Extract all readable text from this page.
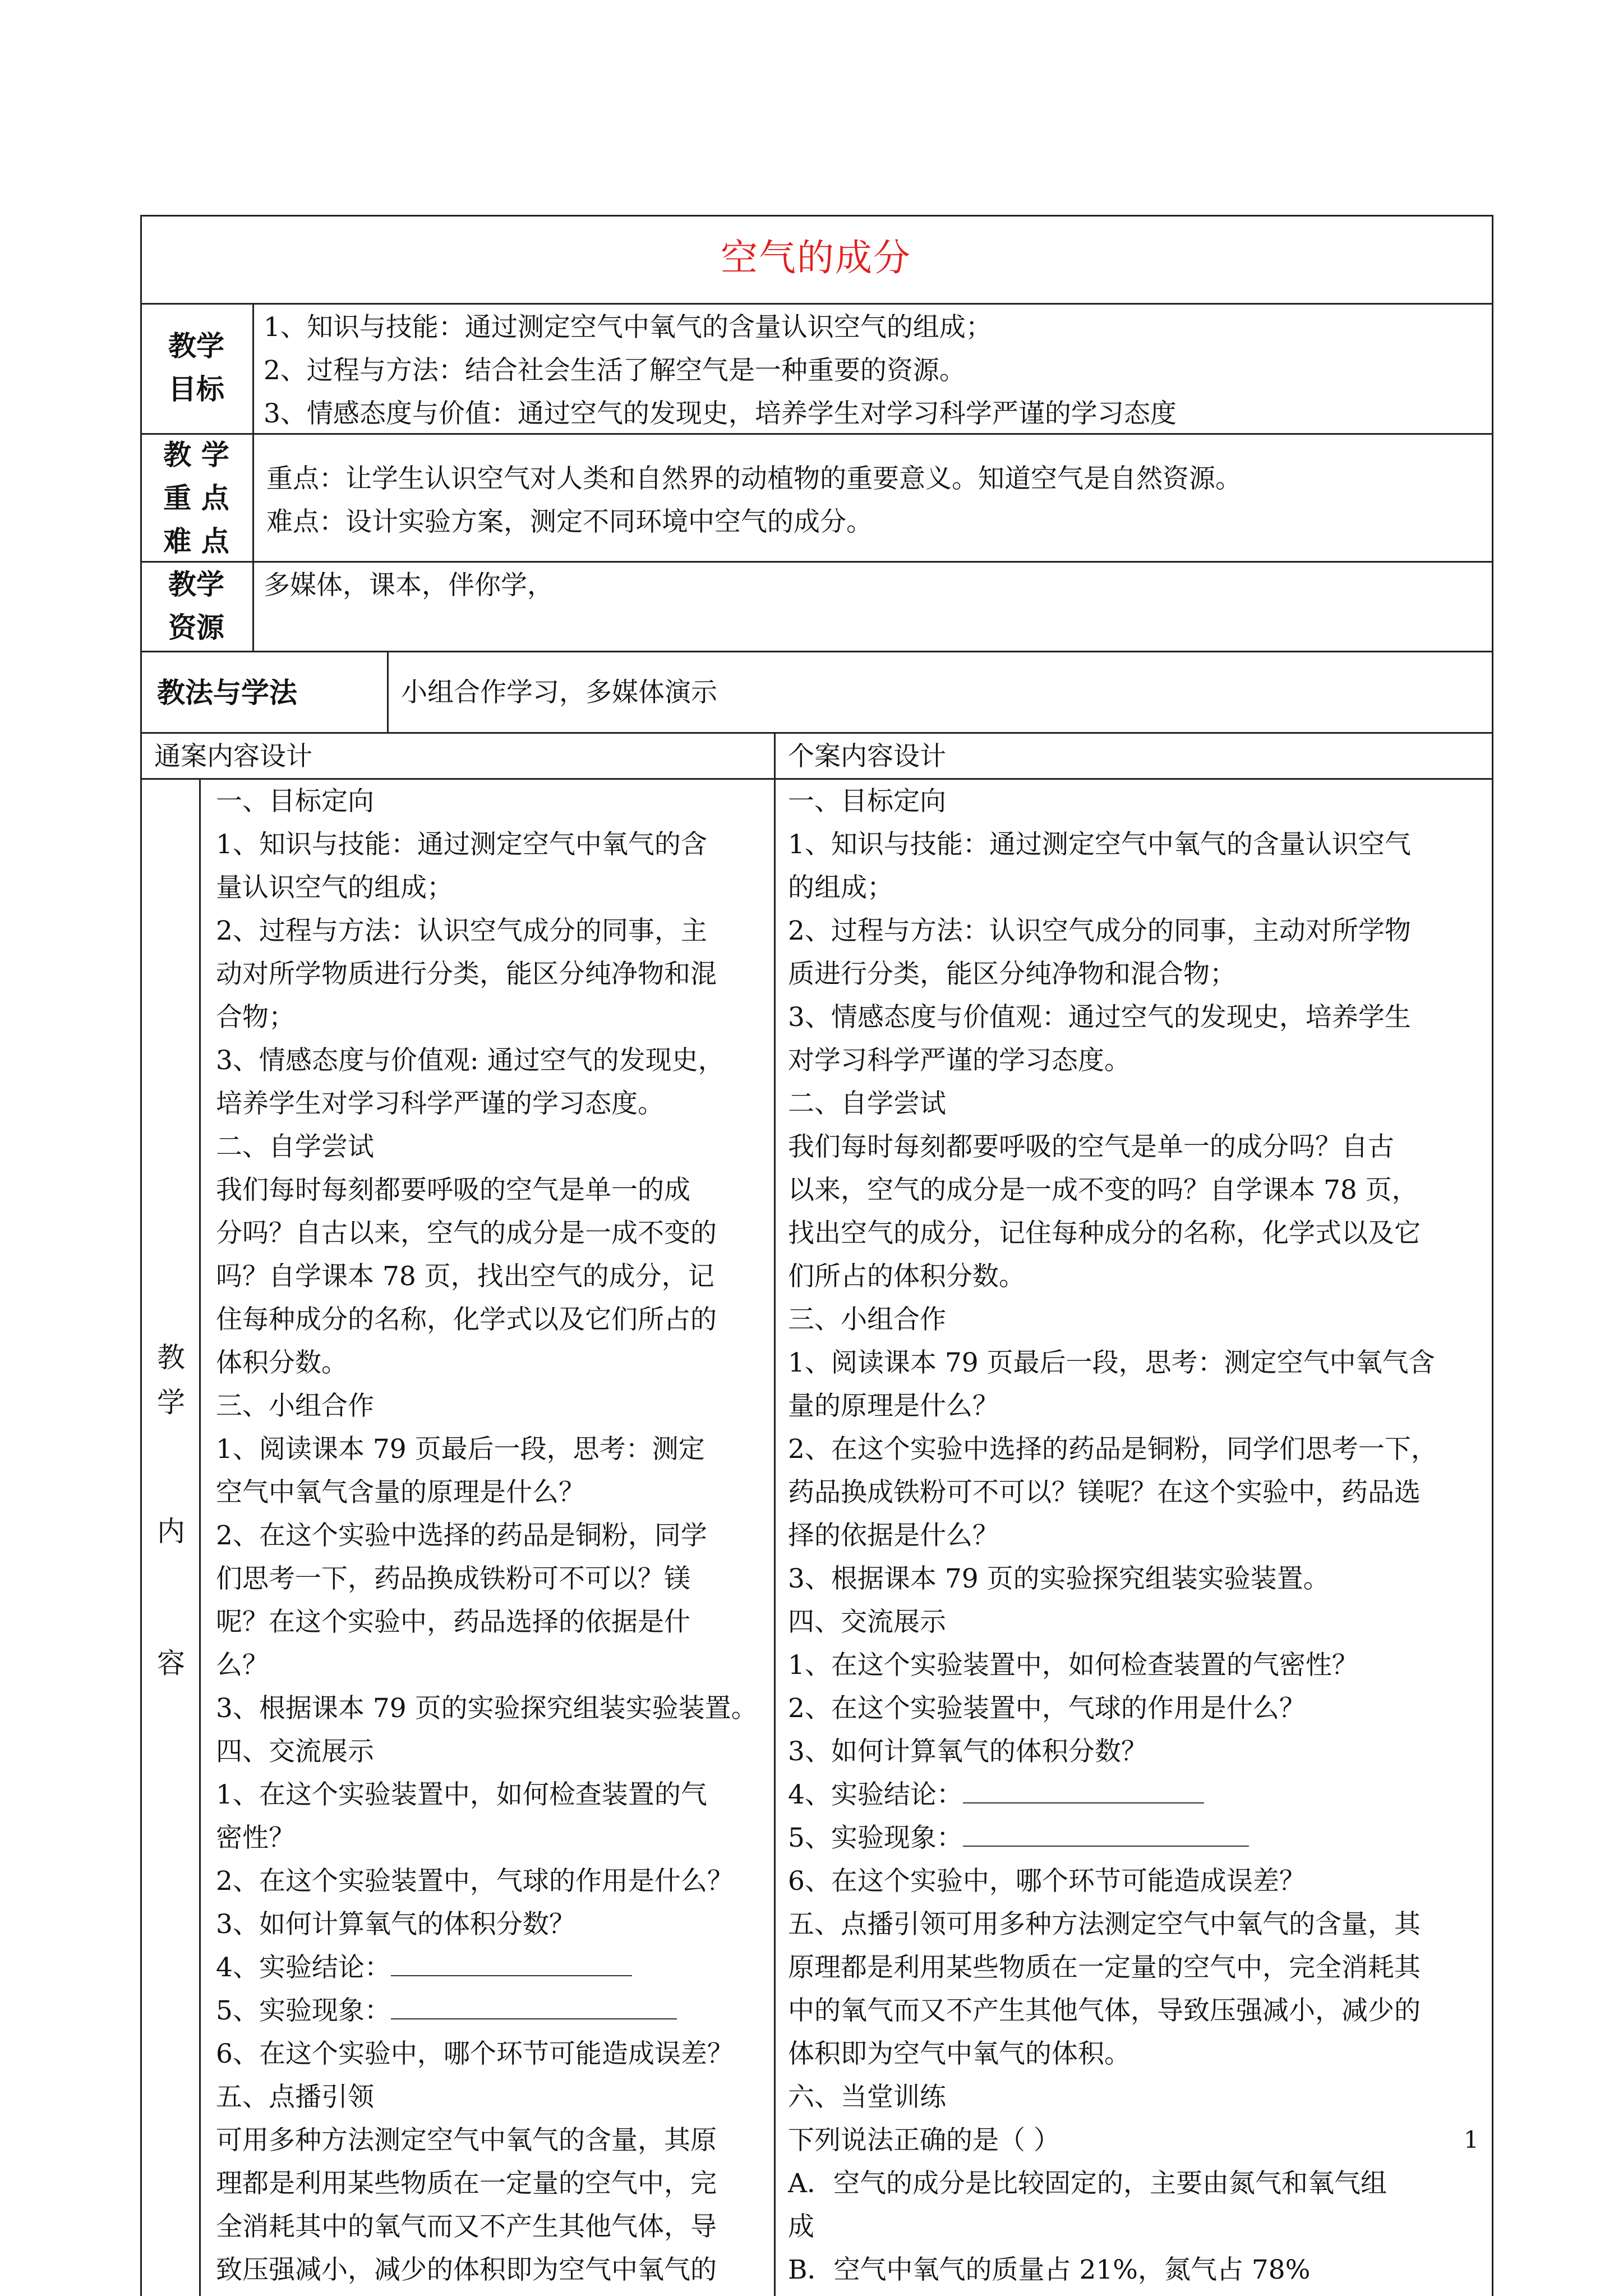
空气的成分
教学
目标
1、知识与技能：通过测定空气中氧气的含量认识空气的组成；
2、过程与方法：结合社会生活了解空气是一种重要的资源。
3、情感态度与价值：通过空气的发现史，培养学生对学习科学严谨的学习态度
教 学
重 点
难 点
重点：让学生认识空气对人类和自然界的动植物的重要意义。知道空气是自然资源。
难点：设计实验方案，测定不同环境中空气的成分。
教学
资源
多媒体，课本，伴你学，
教法与学法	小组合作学习，多媒体演示
通案内容设计	个案内容设计
教
学
内
容
一、目标定向
1、知识与技能：通过测定空气中氧气的含
量认识空气的组成；
2、过程与方法：认识空气成分的同事，主
动对所学物质进行分类，能区分纯净物和混
合物；
3、情感态度与价值观: 通过空气的发现史，
培养学生对学习科学严谨的学习态度。
二、自学尝试
我们每时每刻都要呼吸的空气是单一的成
分吗？自古以来，空气的成分是一成不变的
吗？自学课本 78 页，找出空气的成分，记
住每种成分的名称，化学式以及它们所占的
体积分数。
三、小组合作
1、阅读课本 79 页最后一段，思考：测定
空气中氧气含量的原理是什么？
2、在这个实验中选择的药品是铜粉，同学
们思考一下，药品换成铁粉可不可以？镁
呢？在这个实验中，药品选择的依据是什
么？
3、根据课本 79 页的实验探究组装实验装置。
四、交流展示
1、在这个实验装置中，如何检查装置的气
密性？
2、在这个实验装置中，气球的作用是什么？
3、如何计算氧气的体积分数？
4、实验结论：
5、实验现象：
6、在这个实验中，哪个环节可能造成误差？
五、点播引领
可用多种方法测定空气中氧气的含量，其原
理都是利用某些物质在一定量的空气中，完
全消耗其中的氧气而又不产生其他气体，导
致压强减小，减少的体积即为空气中氧气的
一、目标定向
1、知识与技能：通过测定空气中氧气的含量认识空气
的组成；
2、过程与方法：认识空气成分的同事，主动对所学物
质进行分类，能区分纯净物和混合物；
3、情感态度与价值观：通过空气的发现史，培养学生
对学习科学严谨的学习态度。
二、自学尝试
我们每时每刻都要呼吸的空气是单一的成分吗？自古
以来，空气的成分是一成不变的吗？自学课本 78 页，
找出空气的成分，记住每种成分的名称，化学式以及它
们所占的体积分数。
三、小组合作
1、阅读课本 79 页最后一段，思考：测定空气中氧气含
量的原理是什么？
2、在这个实验中选择的药品是铜粉，同学们思考一下，
药品换成铁粉可不可以？镁呢？在这个实验中，药品选
择的依据是什么？
3、根据课本 79 页的实验探究组装实验装置。
四、交流展示
1、在这个实验装置中，如何检查装置的气密性？
2、在这个实验装置中，气球的作用是什么？
3、如何计算氧气的体积分数？
4、实验结论：
5、实验现象：
6、在这个实验中，哪个环节可能造成误差？
五、点播引领可用多种方法测定空气中氧气的含量，其
原理都是利用某些物质在一定量的空气中，完全消耗其
中的氧气而又不产生其他气体，导致压强减小，减少的
体积即为空气中氧气的体积。
六、当堂训练
下列说法正确的是（ ）
A．空气的成分是比较固定的，主要由氮气和氧气组
成
B．空气中氧气的质量占 21%，氮气占 78%
1
